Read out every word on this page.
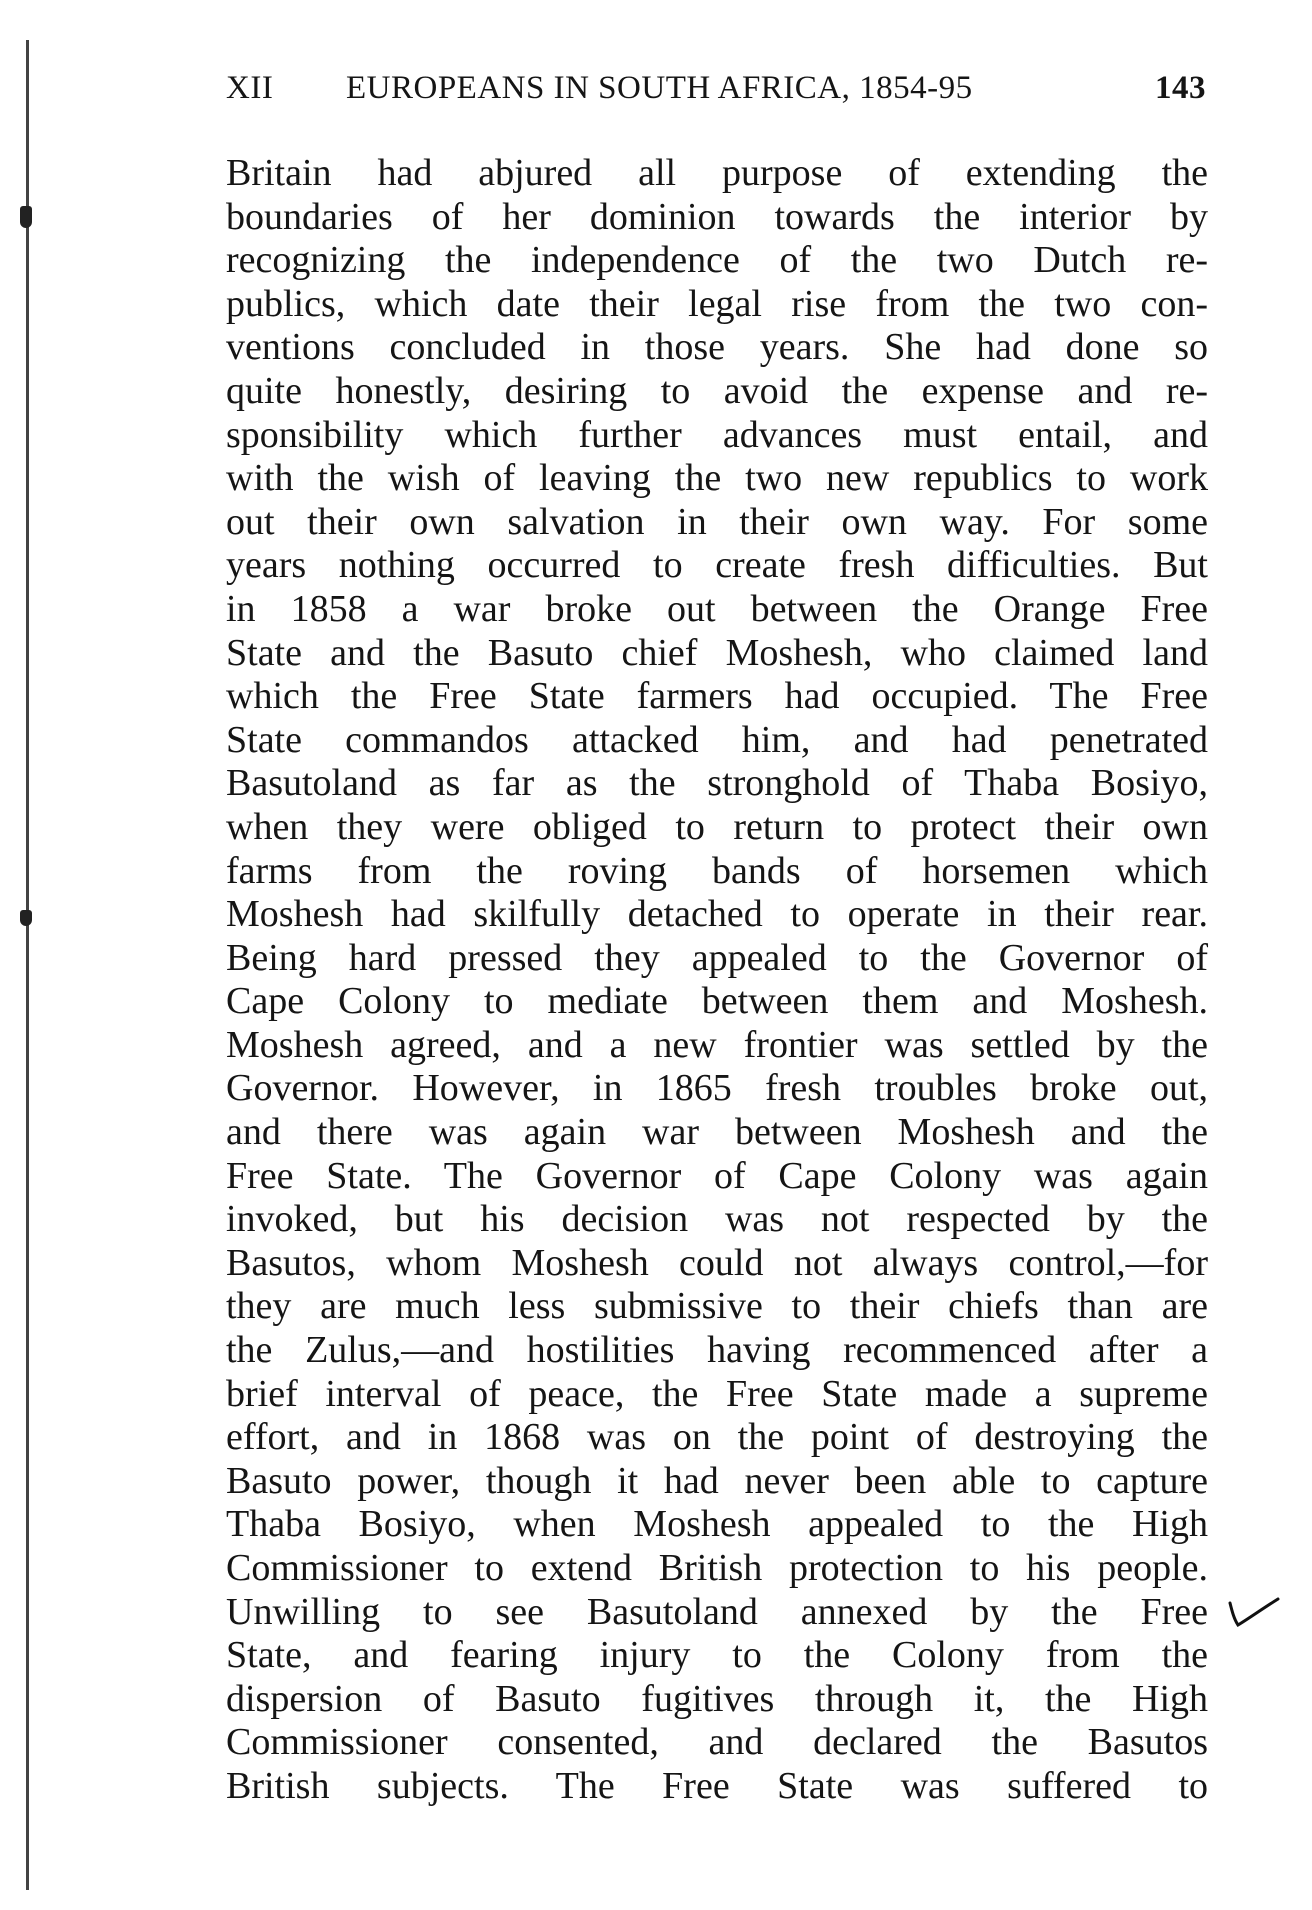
XII EUROPEANS IN SOUTH AFRICA, 1854-95	143
Britain had abjured all purpose of extending the
boundaries of her dominion towards the interior by
recognizing the independence of the two Dutch re-
publics, which date their legal rise from the two con-
ventions concluded in those years. She had done so
quite honestly, desiring to avoid the expense and re-
sponsibility which further advances must entail, and
with the wish of leaving the two new republics to work
out their own salvation in their own way. For some
years nothing occurred to create fresh difficulties. But
in 1858 a war broke out between the Orange Free
State and the Basuto chief Moshesh, who claimed land
which the Free State farmers had occupied. The Free
State commandos attacked him, and had penetrated
Basutoland as far as the stronghold of Thaba Bosiyo,
when they were obliged to return to protect their own
farms from the roving bands of horsemen which
Moshesh had skilfully detached to operate in their rear.
Being hard pressed they appealed to the Governor of
Cape Colony to mediate between them and Moshesh.
Moshesh agreed, and a new frontier was settled by the
Governor. However, in 1865 fresh troubles broke out,
and there was again war between Moshesh and the
Free State. The Governor of Cape Colony was again
invoked, but his decision was not respected by the
Basutos, whom Moshesh could not always control,—for
they are much less submissive to their chiefs than are
the Zulus,—and hostilities having recommenced after a
brief interval of peace, the Free State made a supreme
effort, and in 1868 was on the point of destroying the
Basuto power, though it had never been able to capture
Thaba Bosiyo, when Moshesh appealed to the High
Commissioner to extend British protection to his people.
Unwilling to see Basutoland annexed by the Free
State, and fearing injury to the Colony from the
dispersion of Basuto fugitives through it, the High
Commissioner consented, and declared the Basutos
British subjects. The Free State was suffered to
